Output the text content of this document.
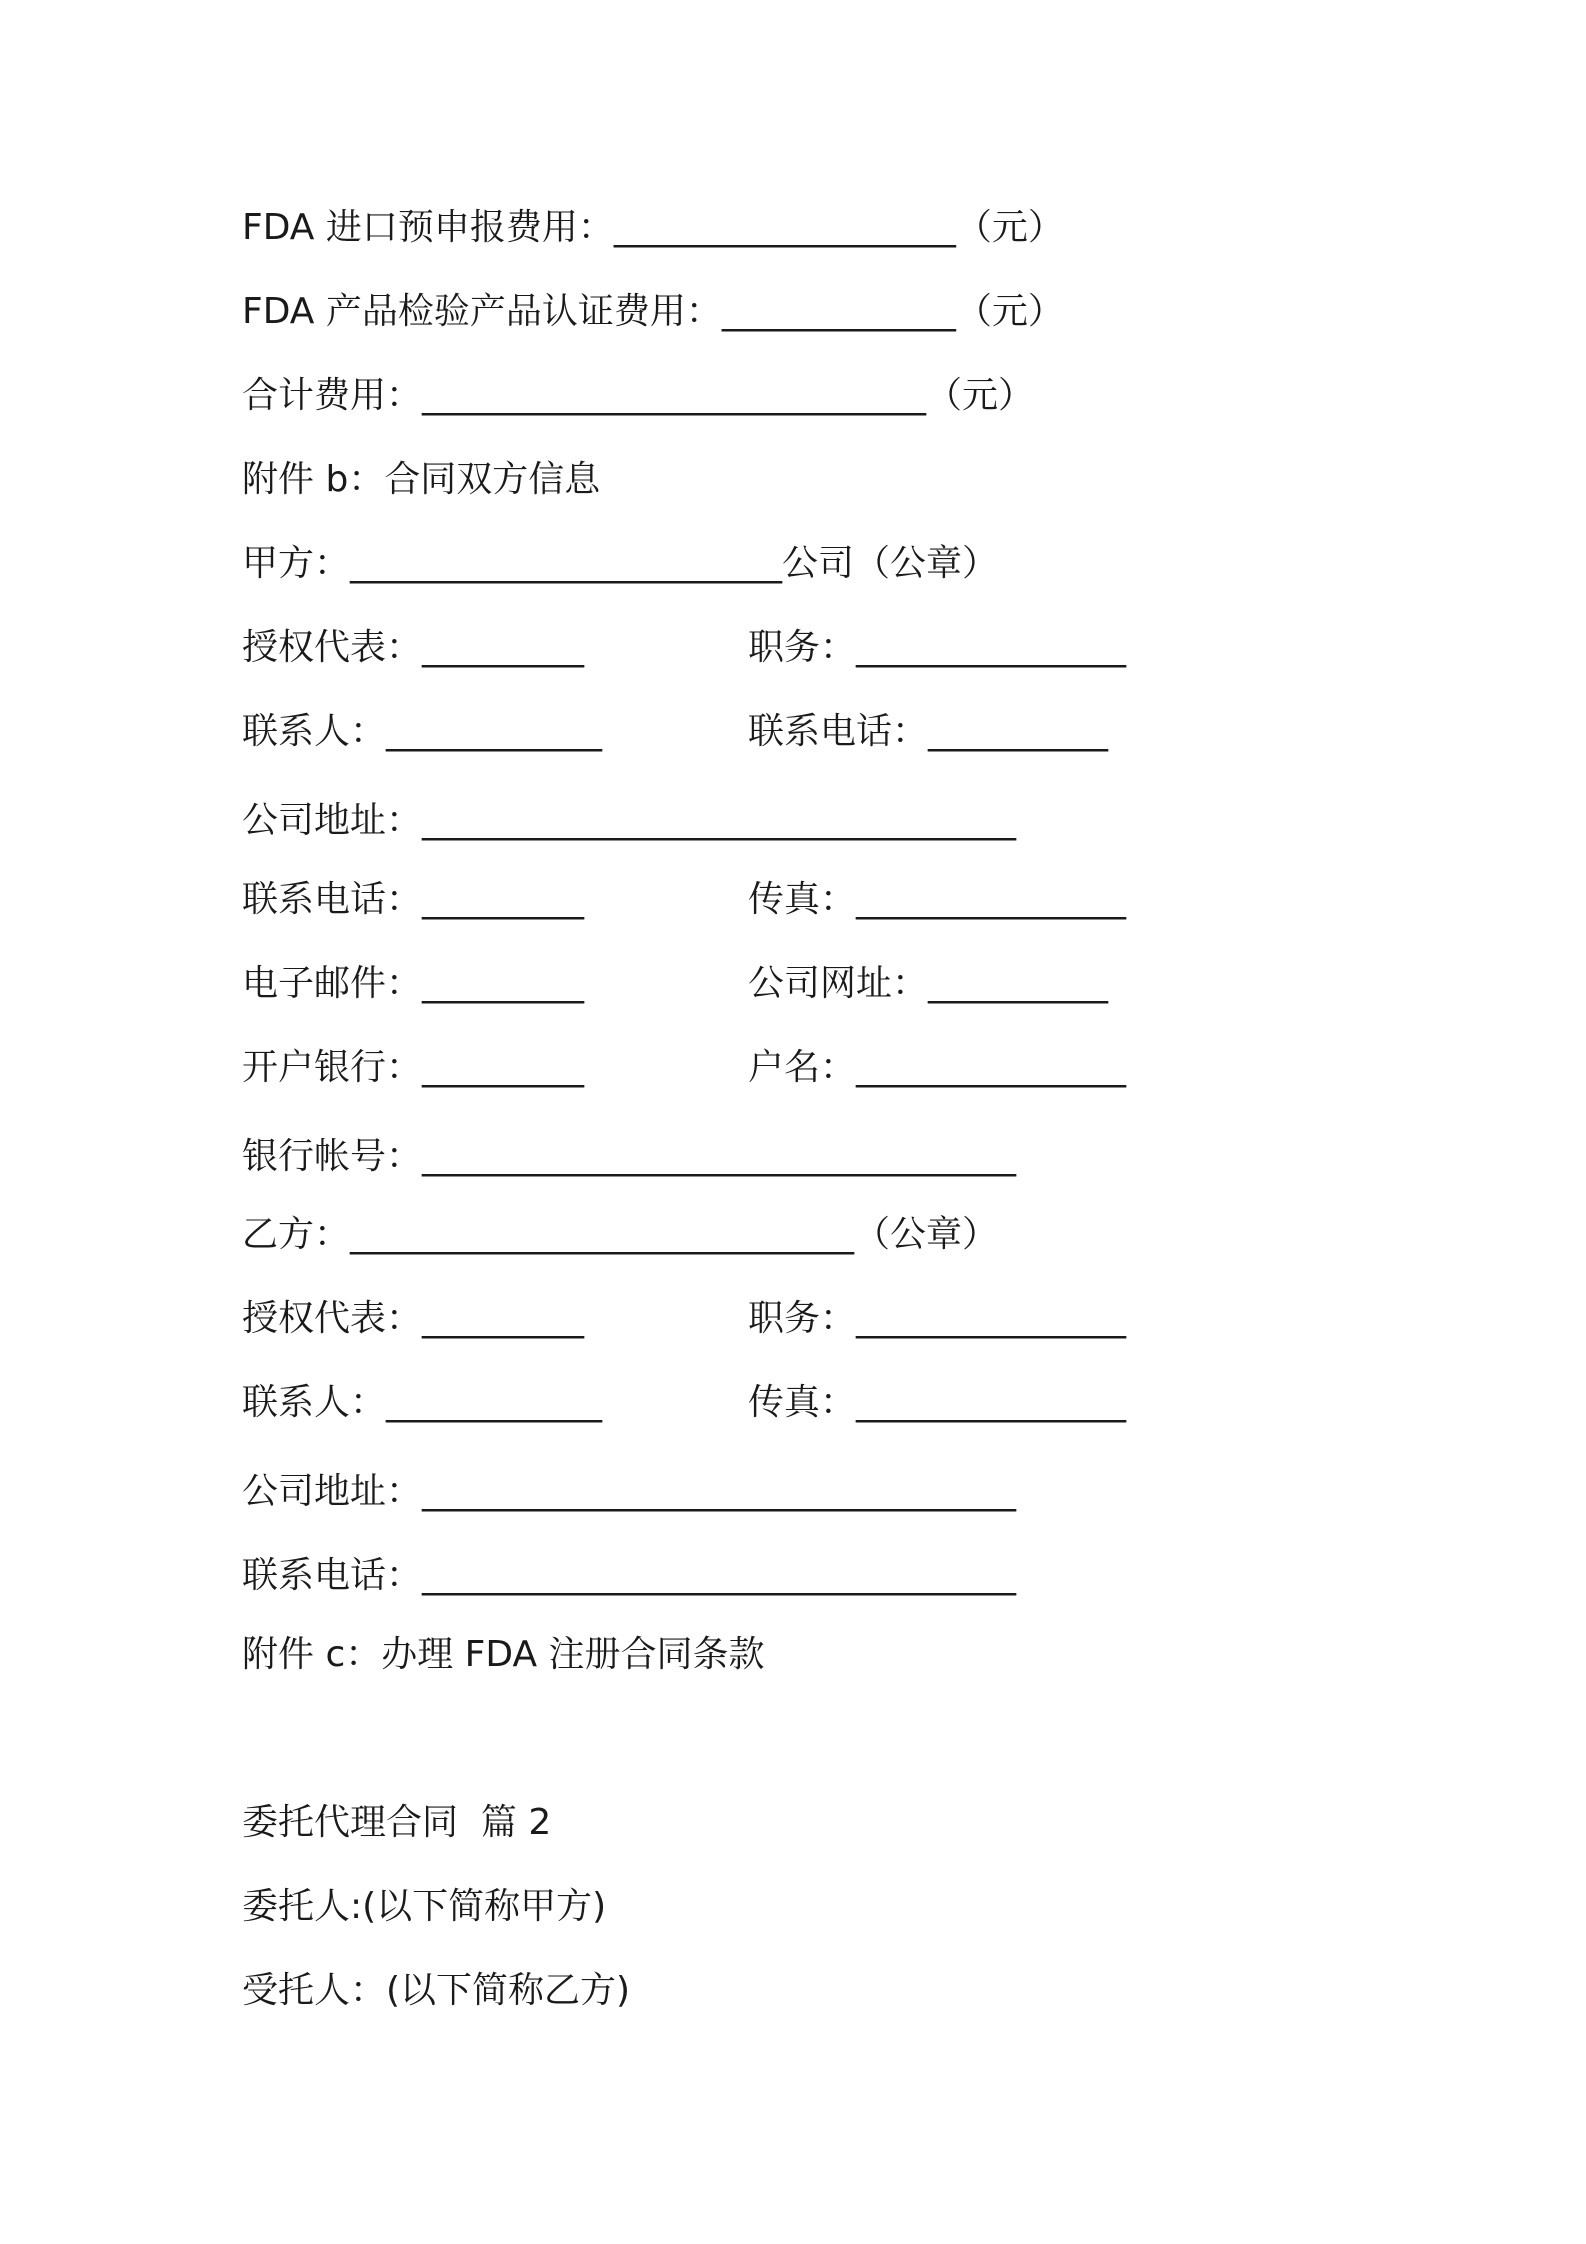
FDA 进口预申报费用：___________________（元）

FDA 产品检验产品认证费用：_____________（元）

合计费用：____________________________（元）

附件 b：合同双方信息

甲方：________________________公司（公章）

授权代表：_________	职务：_______________

联系人：____________	联系电话：__________

公司地址：_________________________________

联系电话：_________	传真：_______________

电子邮件：_________	公司网址：__________

开户银行：_________	户名：_______________

银行帐号：_________________________________

乙方：____________________________（公章）

授权代表：_________	职务：_______________

联系人：____________	传真：_______________

公司地址：_________________________________

联系电话：_________________________________

附件 c：办理 FDA 注册合同条款

委托代理合同  篇 2

委托人:(以下简称甲方)

受托人：(以下简称乙方)
